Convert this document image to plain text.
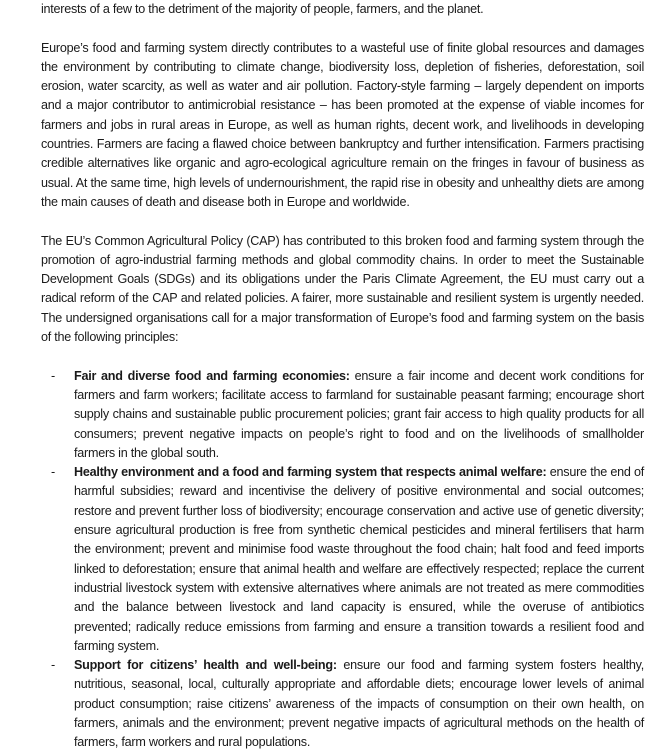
interests of a few to the detriment of the majority of people, farmers, and the planet.

Europe’s food and farming system directly contributes to a wasteful use of finite global resources and damages the environment by contributing to climate change, biodiversity loss, depletion of fisheries, deforestation, soil erosion, water scarcity, as well as water and air pollution. Factory-style farming – largely dependent on imports and a major contributor to antimicrobial resistance – has been promoted at the expense of viable incomes for farmers and jobs in rural areas in Europe, as well as human rights, decent work, and livelihoods in developing countries. Farmers are facing a flawed choice between bankruptcy and further intensification. Farmers practising credible alternatives like organic and agro-ecological agriculture remain on the fringes in favour of business as usual. At the same time, high levels of undernourishment, the rapid rise in obesity and unhealthy diets are among the main causes of death and disease both in Europe and worldwide.

The EU’s Common Agricultural Policy (CAP) has contributed to this broken food and farming system through the promotion of agro-industrial farming methods and global commodity chains. In order to meet the Sustainable Development Goals (SDGs) and its obligations under the Paris Climate Agreement, the EU must carry out a radical reform of the CAP and related policies. A fairer, more sustainable and resilient system is urgently needed. The undersigned organisations call for a major transformation of Europe’s food and farming system on the basis of the following principles:

- Fair and diverse food and farming economies: ensure a fair income and decent work conditions for farmers and farm workers; facilitate access to farmland for sustainable peasant farming; encourage short supply chains and sustainable public procurement policies; grant fair access to high quality products for all consumers; prevent negative impacts on people’s right to food and on the livelihoods of smallholder farmers in the global south.
- Healthy environment and a food and farming system that respects animal welfare: ensure the end of harmful subsidies; reward and incentivise the delivery of positive environmental and social outcomes; restore and prevent further loss of biodiversity; encourage conservation and active use of genetic diversity; ensure agricultural production is free from synthetic chemical pesticides and mineral fertilisers that harm the environment; prevent and minimise food waste throughout the food chain; halt food and feed imports linked to deforestation; ensure that animal health and welfare are effectively respected; replace the current industrial livestock system with extensive alternatives where animals are not treated as mere commodities and the balance between livestock and land capacity is ensured, while the overuse of antibiotics prevented; radically reduce emissions from farming and ensure a transition towards a resilient food and farming system.
- Support for citizens’ health and well-being: ensure our food and farming system fosters healthy, nutritious, seasonal, local, culturally appropriate and affordable diets; encourage lower levels of animal product consumption; raise citizens’ awareness of the impacts of consumption on their own health, on farmers, animals and the environment; prevent negative impacts of agricultural methods on the health of farmers, farm workers and rural populations.
